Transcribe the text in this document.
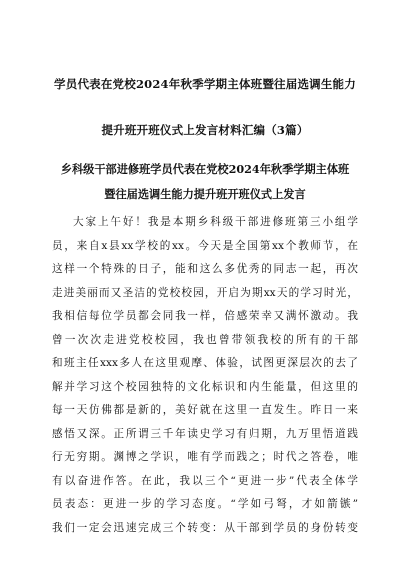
学员代表在党校2024年秋季学期主体班暨往届选调生能力
提升班开班仪式上发言材料汇编（3篇）
乡科级干部进修班学员代表在党校2024年秋季学期主体班
暨往届选调生能力提升班开班仪式上发言
大家上午好！我是本期乡科级干部进修班第三小组学
员，来自x县xx学校的xx。今天是全国第xx个教师节，在
这样一个特殊的日子，能和这么多优秀的同志一起，再次
走进美丽而又圣洁的党校校园，开启为期xx天的学习时光，
我相信每位学员都会同我一样，倍感荣幸又满怀激动。我
曾一次次走进党校校园，我也曾带领我校的所有的干部
和班主任xxx多人在这里观摩、体验，试图更深层次的去了
解并学习这个校园独特的文化标识和内生能量，但这里的
每一天仿佛都是新的，美好就在这里一直发生。昨日一来
感悟又深。正所谓三千年读史学习有归期，九万里悟道践
行无穷期。渊博之学识，唯有学而践之；时代之答卷，唯
有以奋进作答。在此，我以三个“更进一步”代表全体学
员表态：更进一步的学习态度。“学如弓弩，才如箭镞”
我们一定会迅速完成三个转变：从干部到学员的身份转变
